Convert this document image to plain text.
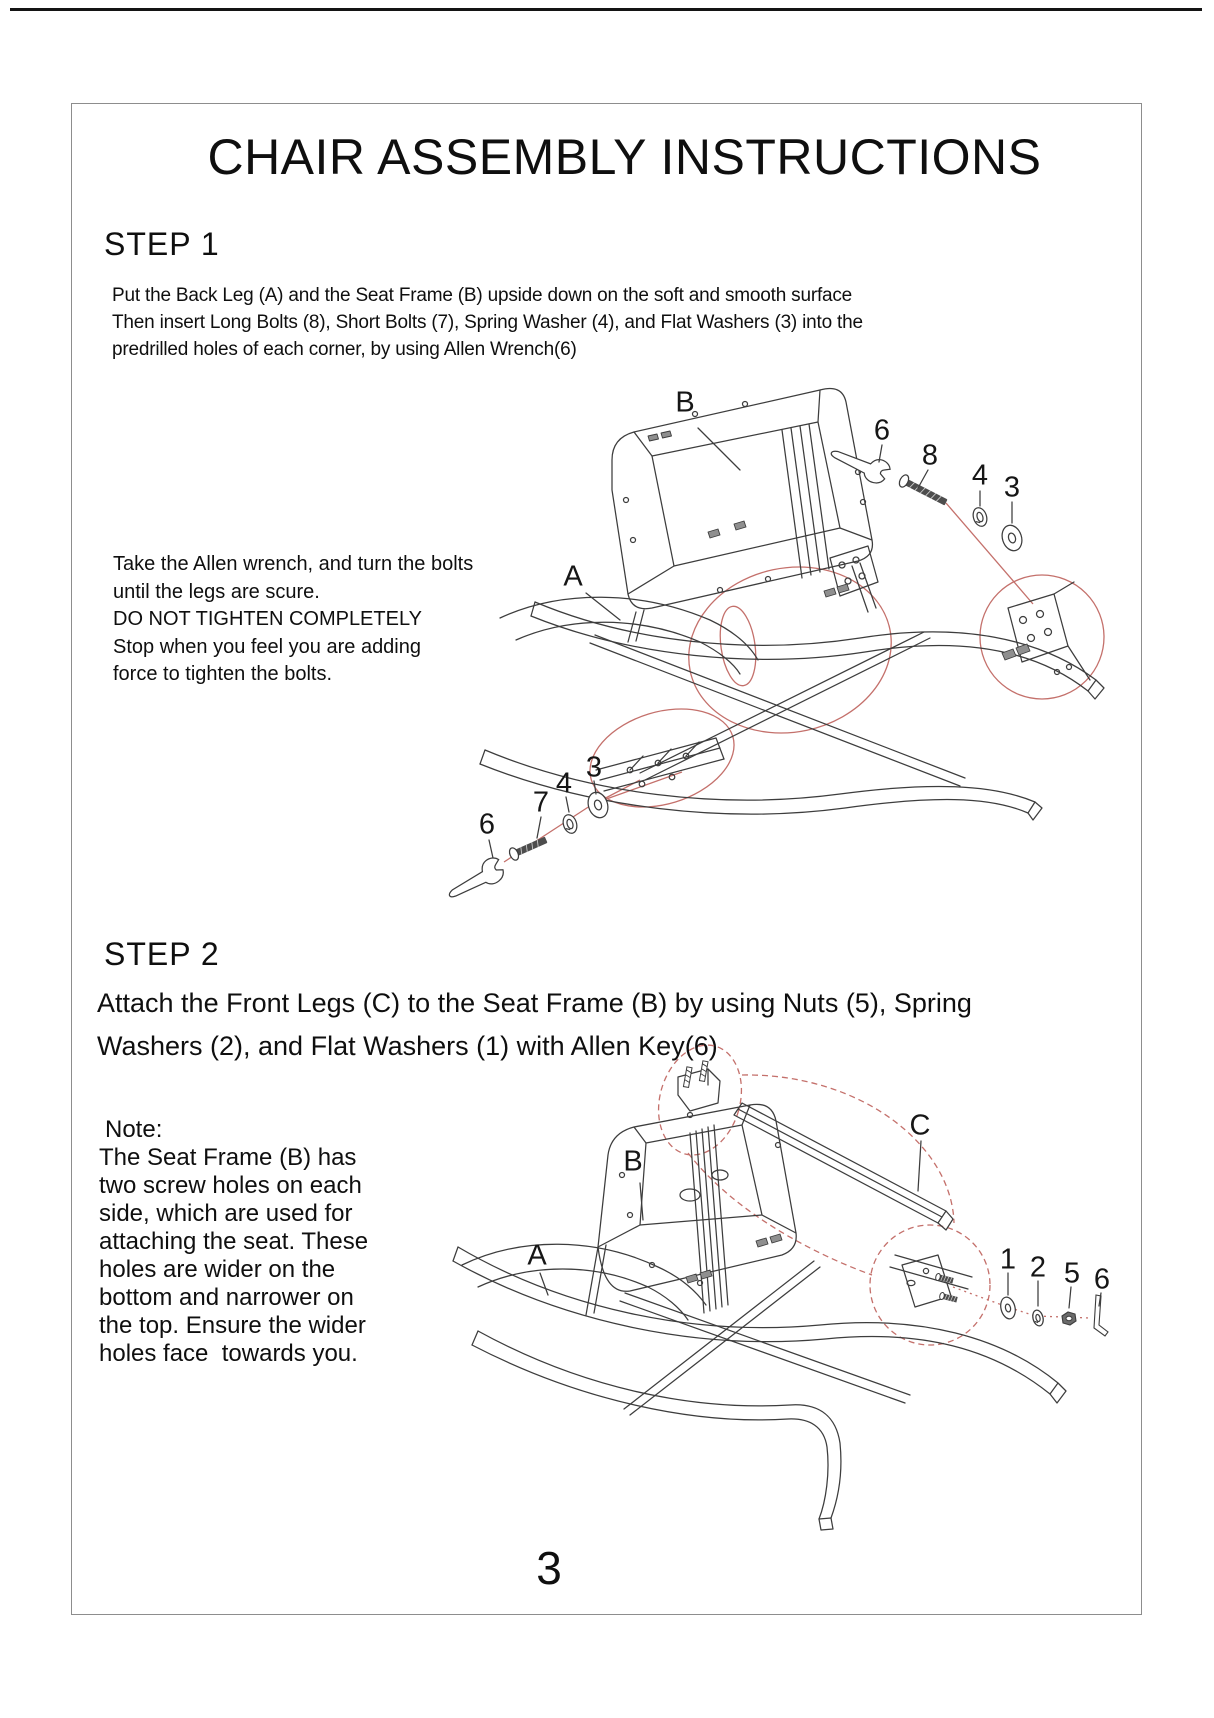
CHAIR ASSEMBLY INSTRUCTIONS
STEP 1
Put the Back Leg (A) and the Seat Frame (B) upside down on the soft and smooth surface
Then insert Long Bolts (8), Short Bolts (7), Spring Washer (4), and Flat Washers (3) into the
predrilled holes of each corner, by using Allen Wrench(6)
Take the Allen wrench, and turn the bolts
until the legs are scure.
DO NOT TIGHTEN COMPLETELY
Stop when you feel you are adding
force to tighten the bolts.
B
A
6
8
4 3
3
4
7
6
STEP 2
Attach the Front Legs (C) to the Seat Frame (B) by using Nuts (5), Spring
Washers (2), and Flat Washers (1) with Allen Key(6)
Note:
The Seat Frame (B) has
two screw holes on each
side, which are used for
attaching the seat. These
holes are wider on the
bottom and narrower on
the top. Ensure the wider
holes face  towards you.
B
A
C
1 2 5 6
3
